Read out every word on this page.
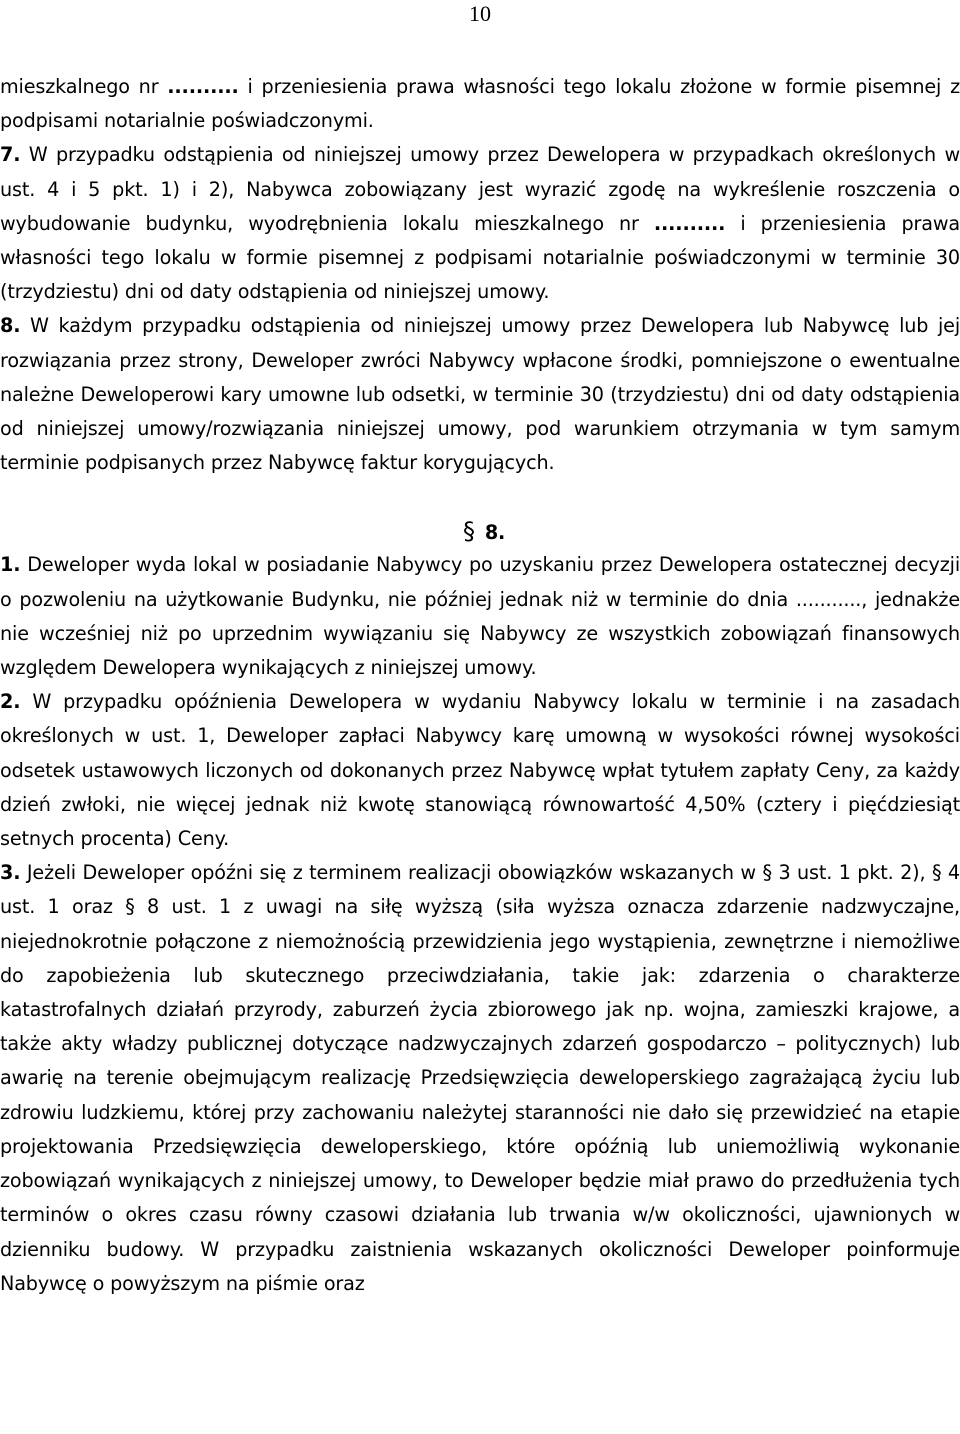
10

mieszkalnego nr .......... i przeniesienia prawa własności tego lokalu złożone w formie pisemnej z podpisami notarialnie poświadczonymi.

7. W przypadku odstąpienia od niniejszej umowy przez Dewelopera w przypadkach określonych w ust. 4 i 5 pkt. 1) i 2), Nabywca zobowiązany jest wyrazić zgodę na wykreślenie roszczenia o wybudowanie budynku, wyodrębnienia lokalu mieszkalnego nr .......... i przeniesienia prawa własności tego lokalu w formie pisemnej z podpisami notarialnie poświadczonymi w terminie 30 (trzydziestu) dni od daty odstąpienia od niniejszej umowy.

8. W każdym przypadku odstąpienia od niniejszej umowy przez Dewelopera lub Nabywcę lub jej rozwiązania przez strony, Deweloper zwróci Nabywcy wpłacone środki, pomniejszone o ewentualne należne Deweloperowi kary umowne lub odsetki, w terminie 30 (trzydziestu) dni od daty odstąpienia od niniejszej umowy/rozwiązania niniejszej umowy, pod warunkiem otrzymania w tym samym terminie podpisanych przez Nabywcę faktur korygujących.

§ 8.

1. Deweloper wyda lokal w posiadanie Nabywcy po uzyskaniu przez Dewelopera ostatecznej decyzji o pozwoleniu na użytkowanie Budynku, nie później jednak niż w terminie do dnia ..........., jednakże nie wcześniej niż po uprzednim wywiązaniu się Nabywcy ze wszystkich zobowiązań finansowych względem Dewelopera wynikających z niniejszej umowy.

2. W przypadku opóźnienia Dewelopera w wydaniu Nabywcy lokalu w terminie i na zasadach określonych w ust. 1, Deweloper zapłaci Nabywcy karę umowną w wysokości równej wysokości odsetek ustawowych liczonych od dokonanych przez Nabywcę wpłat tytułem zapłaty Ceny, za każdy dzień zwłoki, nie więcej jednak niż kwotę stanowiącą równowartość 4,50% (cztery i pięćdziesiąt setnych procenta) Ceny.

3. Jeżeli Deweloper opóźni się z terminem realizacji obowiązków wskazanych w § 3 ust. 1 pkt. 2), § 4 ust. 1 oraz § 8 ust. 1 z uwagi na siłę wyższą (siła wyższa oznacza zdarzenie nadzwyczajne, niejednokrotnie połączone z niemożnością przewidzienia jego wystąpienia, zewnętrzne i niemożliwe do zapobieżenia lub skutecznego przeciwdziałania, takie jak: zdarzenia o charakterze katastrofalnych działań przyrody, zaburzeń życia zbiorowego jak np. wojna, zamieszki krajowe, a także akty władzy publicznej dotyczące nadzwyczajnych zdarzeń gospodarczo – politycznych) lub awarię na terenie obejmującym realizację Przedsięwzięcia deweloperskiego zagrażającą życiu lub zdrowiu ludzkiemu, której przy zachowaniu należytej staranności nie dało się przewidzieć na etapie projektowania Przedsięwzięcia deweloperskiego, które opóźnią lub uniemożliwią wykonanie zobowiązań wynikających z niniejszej umowy, to Deweloper będzie miał prawo do przedłużenia tych terminów o okres czasu równy czasowi działania lub trwania w/w okoliczności, ujawnionych w dzienniku budowy. W przypadku zaistnienia wskazanych okoliczności Deweloper poinformuje Nabywcę o powyższym na piśmie oraz
